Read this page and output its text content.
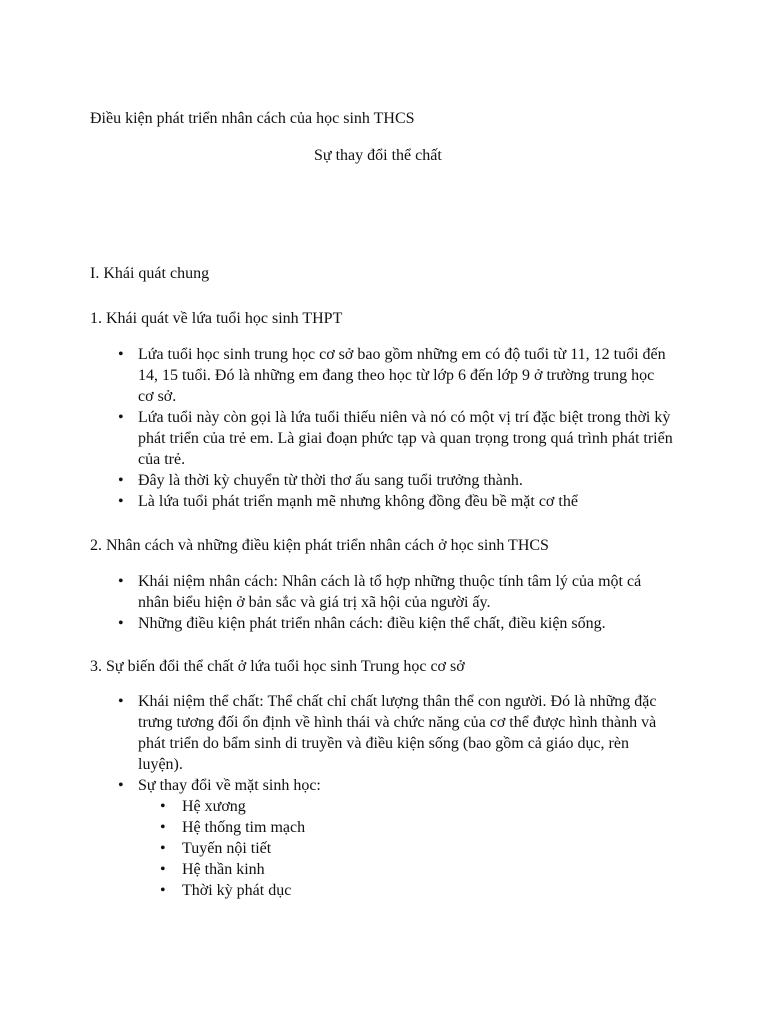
Điều kiện phát triển nhân cách của học sinh THCS

Sự thay đổi thể chất

I. Khái quát chung

1. Khái quát về lứa tuổi học sinh THPT

• Lứa tuổi học sinh trung học cơ sở bao gồm những em có độ tuổi từ 11, 12 tuổi đến 14, 15 tuổi. Đó là những em đang theo học từ lớp 6 đến lớp 9 ở trường trung học cơ sở.
• Lứa tuổi này còn gọi là lứa tuổi thiếu niên và nó có một vị trí đặc biệt trong thời kỳ phát triển của trẻ em. Là giai đoạn phức tạp và quan trọng trong quá trình phát triển của trẻ.
• Đây là thời kỳ chuyển từ thời thơ ấu sang tuổi trưởng thành.
• Là lứa tuổi phát triển mạnh mẽ nhưng không đồng đều bề mặt cơ thể

2. Nhân cách và những điều kiện phát triển nhân cách ở học sinh THCS

• Khái niệm nhân cách: Nhân cách là tổ hợp những thuộc tính tâm lý của một cá nhân biểu hiện ở bản sắc và giá trị xã hội của người ấy.
• Những điều kiện phát triển nhân cách: điều kiện thể chất, điều kiện sống.

3. Sự biến đổi thể chất ở lứa tuổi học sinh Trung học cơ sở

• Khái niệm thể chất: Thể chất chỉ chất lượng thân thể con người. Đó là những đặc trưng tương đối ổn định về hình thái và chức năng của cơ thể được hình thành và phát triển do bẩm sinh di truyền và điều kiện sống (bao gồm cả giáo dục, rèn luyện).
• Sự thay đổi về mặt sinh học:
• Hệ xương
• Hệ thống tim mạch
• Tuyến nội tiết
• Hệ thần kinh
• Thời kỳ phát dục
